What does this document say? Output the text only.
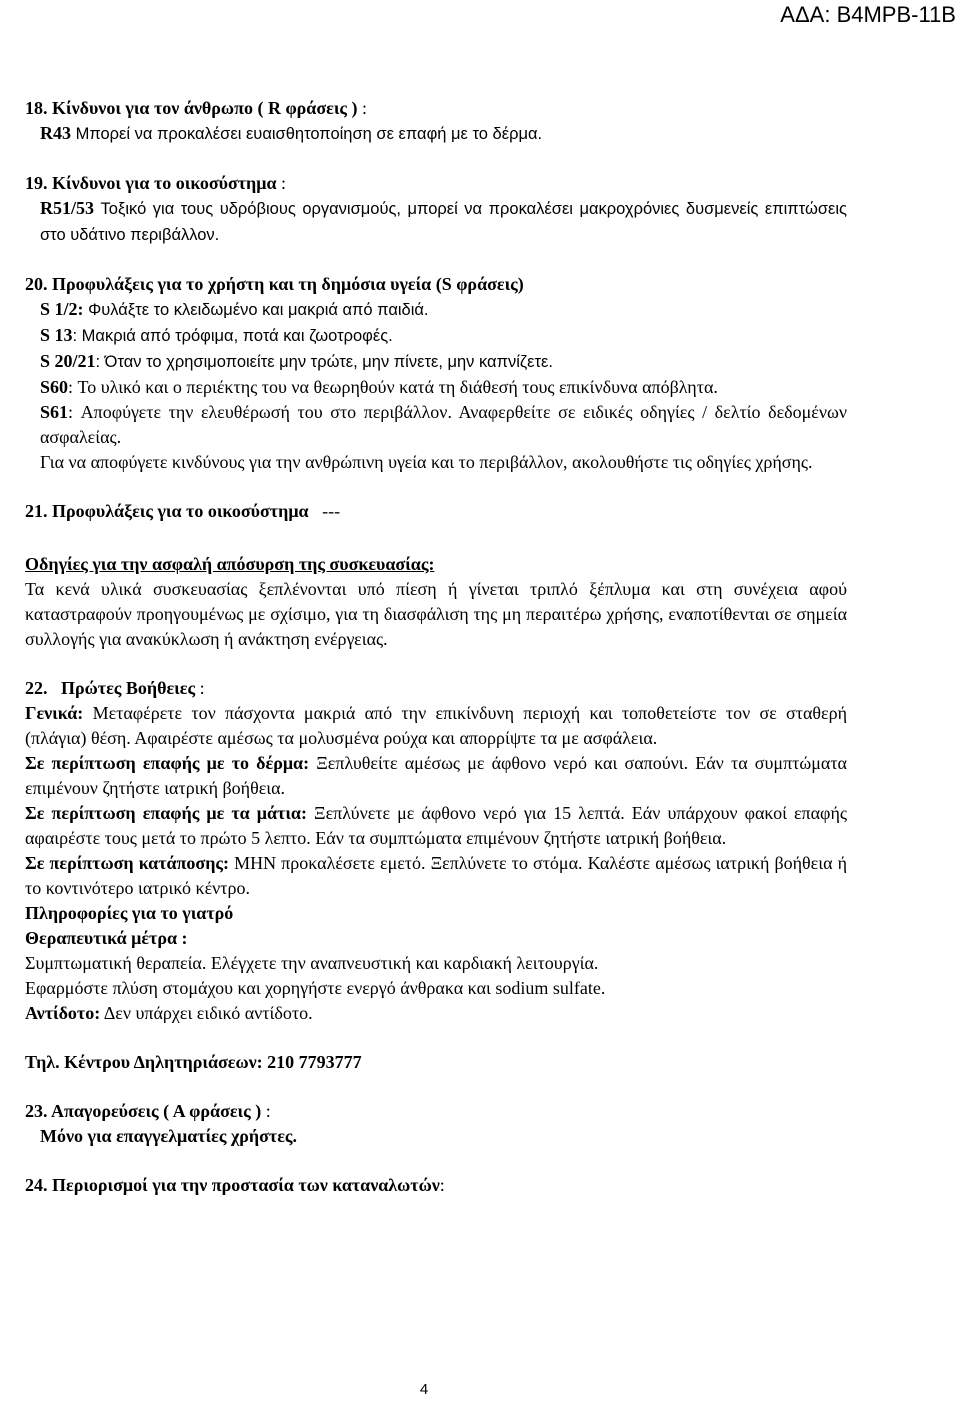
ΑΔΑ: Β4ΜΡΒ-11Β

18. Κίνδυνοι για τον άνθρωπο ( R φράσεις ) :

R43 Μπορεί να προκαλέσει ευαισθητοποίηση σε επαφή με το δέρμα.

19. Κίνδυνοι για το οικοσύστημα :

R51/53 Τοξικό για τους υδρόβιους οργανισμούς, μπορεί να προκαλέσει μακροχρόνιες δυσμενείς επιπτώσεις στο υδάτινο περιβάλλον.

20. Προφυλάξεις για το χρήστη και τη δημόσια υγεία (S φράσεις)

S 1/2: Φυλάξτε το κλειδωμένο και μακριά από παιδιά.

S 13: Μακριά από τρόφιμα, ποτά και ζωοτροφές.

S 20/21: Όταν το χρησιμοποιείτε μην τρώτε, μην πίνετε, μην καπνίζετε.

S60: Το υλικό και ο περιέκτης του να θεωρηθούν κατά τη διάθεσή τους επικίνδυνα απόβλητα.

S61: Αποφύγετε την ελευθέρωσή του στο περιβάλλον. Αναφερθείτε σε ειδικές οδηγίες / δελτίο δεδομένων ασφαλείας.

Για να αποφύγετε κινδύνους για την ανθρώπινη υγεία και το περιβάλλον, ακολουθήστε τις οδηγίες χρήσης.

21. Προφυλάξεις για το οικοσύστημα   ---

Οδηγίες για την ασφαλή απόσυρση της συσκευασίας:

Τα κενά υλικά συσκευασίας ξεπλένονται υπό πίεση ή γίνεται τριπλό ξέπλυμα και στη συνέχεια αφού καταστραφούν προηγουμένως με σχίσιμο, για τη διασφάλιση της μη περαιτέρω χρήσης, εναποτίθενται σε σημεία συλλογής για ανακύκλωση ή ανάκτηση ενέργειας.

22. Πρώτες Βοήθειες :

Γενικά: Μεταφέρετε τον πάσχοντα μακριά από την επικίνδυνη περιοχή και τοποθετείστε τον σε σταθερή (πλάγια) θέση. Αφαιρέστε αμέσως τα μολυσμένα ρούχα και απορρίψτε τα με ασφάλεια.

Σε περίπτωση επαφής με το δέρμα: Ξεπλυθείτε αμέσως με άφθονο νερό και σαπούνι. Εάν τα συμπτώματα επιμένουν ζητήστε ιατρική βοήθεια.

Σε περίπτωση επαφής με τα μάτια: Ξεπλύνετε με άφθονο νερό για 15 λεπτά. Εάν υπάρχουν φακοί επαφής αφαιρέστε τους μετά το πρώτο 5 λεπτο. Εάν τα συμπτώματα επιμένουν ζητήστε ιατρική βοήθεια.

Σε περίπτωση κατάποσης: ΜΗΝ προκαλέσετε εμετό. Ξεπλύνετε το στόμα. Καλέστε αμέσως ιατρική βοήθεια ή το κοντινότερο ιατρικό κέντρο.

Πληροφορίες για το γιατρό

Θεραπευτικά μέτρα :

Συμπτωματική θεραπεία. Ελέγχετε την αναπνευστική και καρδιακή λειτουργία.

Εφαρμόστε πλύση στομάχου και χορηγήστε ενεργό άνθρακα και sodium sulfate.

Αντίδοτο: Δεν υπάρχει ειδικό αντίδοτο.

Τηλ. Κέντρου Δηλητηριάσεων: 210 7793777

23. Απαγορεύσεις ( Α φράσεις ) :

Μόνο για επαγγελματίες χρήστες.

24. Περιορισμοί για την προστασία των καταναλωτών:

4
